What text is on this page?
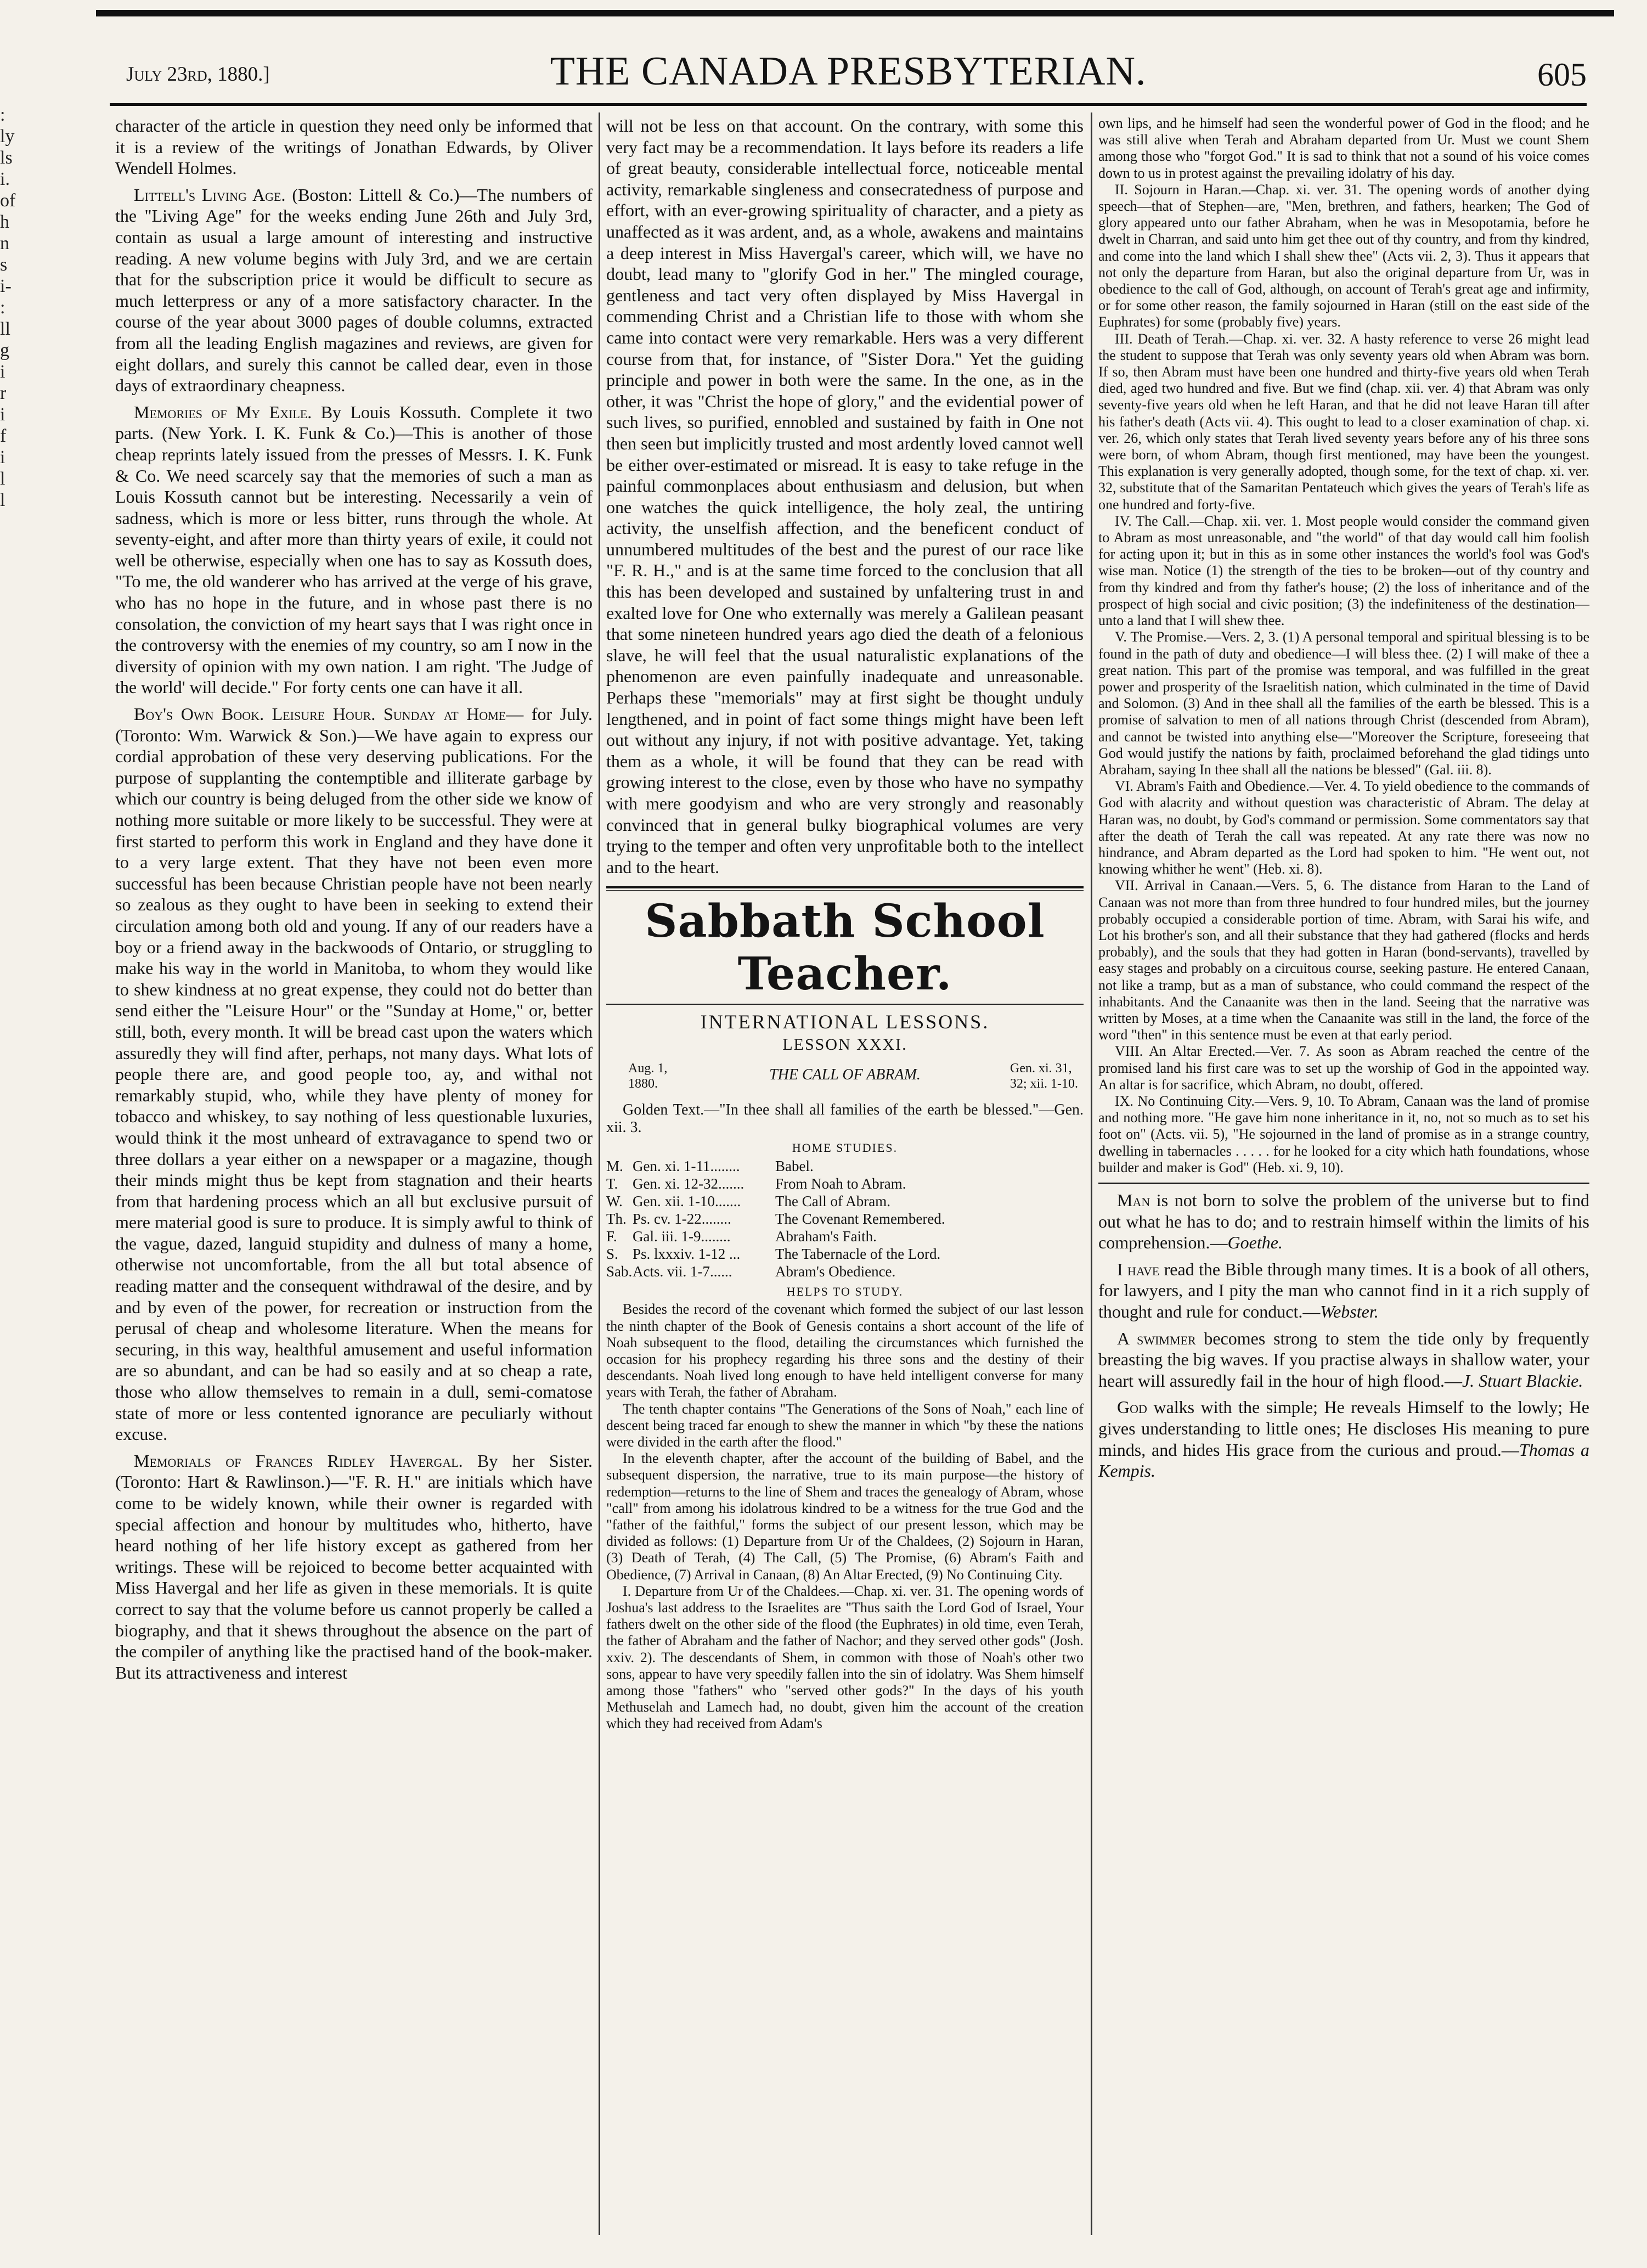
July 23rd, 1880.]	THE CANADA PRESBYTERIAN.	605
:
ly
ls
i.
of
h
n
s
i-
:
ll
g
i
r
i
f
i
l
l

character of the article in question they need only be informed that it is a review of the writings of Jonathan Edwards, by Oliver Wendell Holmes.

Littell's Living Age. (Boston: Littell & Co.)—The numbers of the "Living Age" for the weeks ending June 26th and July 3rd, contain as usual a large amount of interesting and instructive reading. A new volume begins with July 3rd, and we are certain that for the subscription price it would be difficult to secure as much letterpress or any of a more satisfactory character. In the course of the year about 3000 pages of double columns, extracted from all the leading English magazines and reviews, are given for eight dollars, and surely this cannot be called dear, even in those days of extraordinary cheapness.

Memories of My Exile. By Louis Kossuth. Complete it two parts. (New York. I. K. Funk & Co.)—This is another of those cheap reprints lately issued from the presses of Messrs. I. K. Funk & Co. We need scarcely say that the memories of such a man as Louis Kossuth cannot but be interesting. Necessarily a vein of sadness, which is more or less bitter, runs through the whole. At seventy-eight, and after more than thirty years of exile, it could not well be otherwise, especially when one has to say as Kossuth does, "To me, the old wanderer who has arrived at the verge of his grave, who has no hope in the future, and in whose past there is no consolation, the conviction of my heart says that I was right once in the controversy with the enemies of my country, so am I now in the diversity of opinion with my own nation. I am right. 'The Judge of the world' will decide." For forty cents one can have it all.

Boy's Own Book. Leisure Hour. Sunday at Home— for July. (Toronto: Wm. Warwick & Son.)—We have again to express our cordial approbation of these very deserving publications. For the purpose of supplanting the contemptible and illiterate garbage by which our country is being deluged from the other side we know of nothing more suitable or more likely to be successful. They were at first started to perform this work in England and they have done it to a very large extent. That they have not been even more successful has been because Christian people have not been nearly so zealous as they ought to have been in seeking to extend their circulation among both old and young. If any of our readers have a boy or a friend away in the backwoods of Ontario, or struggling to make his way in the world in Manitoba, to whom they would like to shew kindness at no great expense, they could not do better than send either the "Leisure Hour" or the "Sunday at Home," or, better still, both, every month. It will be bread cast upon the waters which assuredly they will find after, perhaps, not many days. What lots of people there are, and good people too, ay, and withal not remarkably stupid, who, while they have plenty of money for tobacco and whiskey, to say nothing of less questionable luxuries, would think it the most unheard of extravagance to spend two or three dollars a year either on a newspaper or a magazine, though their minds might thus be kept from stagnation and their hearts from that hardening process which an all but exclusive pursuit of mere material good is sure to produce. It is simply awful to think of the vague, dazed, languid stupidity and dulness of many a home, otherwise not uncomfortable, from the all but total absence of reading matter and the consequent withdrawal of the desire, and by and by even of the power, for recreation or instruction from the perusal of cheap and wholesome literature. When the means for securing, in this way, healthful amusement and useful information are so abundant, and can be had so easily and at so cheap a rate, those who allow themselves to remain in a dull, semi-comatose state of more or less contented ignorance are peculiarly without excuse.

Memorials of Frances Ridley Havergal. By her Sister. (Toronto: Hart & Rawlinson.)—"F. R. H." are initials which have come to be widely known, while their owner is regarded with special affection and honour by multitudes who, hitherto, have heard nothing of her life history except as gathered from her writings. These will be rejoiced to become better acquainted with Miss Havergal and her life as given in these memorials. It is quite correct to say that the volume before us cannot properly be called a biography, and that it shews throughout the absence on the part of the compiler of anything like the practised hand of the book-maker. But its attractiveness and interest

will not be less on that account. On the contrary, with some this very fact may be a recommendation. It lays before its readers a life of great beauty, considerable intellectual force, noticeable mental activity, remarkable singleness and consecratedness of purpose and effort, with an ever-growing spirituality of character, and a piety as unaffected as it was ardent, and, as a whole, awakens and maintains a deep interest in Miss Havergal's career, which will, we have no doubt, lead many to "glorify God in her." The mingled courage, gentleness and tact very often displayed by Miss Havergal in commending Christ and a Christian life to those with whom she came into contact were very remarkable. Hers was a very different course from that, for instance, of "Sister Dora." Yet the guiding principle and power in both were the same. In the one, as in the other, it was "Christ the hope of glory," and the evidential power of such lives, so purified, ennobled and sustained by faith in One not then seen but implicitly trusted and most ardently loved cannot well be either over-estimated or misread. It is easy to take refuge in the painful commonplaces about enthusiasm and delusion, but when one watches the quick intelligence, the holy zeal, the untiring activity, the unselfish affection, and the beneficent conduct of unnumbered multitudes of the best and the purest of our race like "F. R. H.," and is at the same time forced to the conclusion that all this has been developed and sustained by unfaltering trust in and exalted love for One who externally was merely a Galilean peasant that some nineteen hundred years ago died the death of a felonious slave, he will feel that the usual naturalistic explanations of the phenomenon are even painfully inadequate and unreasonable. Perhaps these "memorials" may at first sight be thought unduly lengthened, and in point of fact some things might have been left out without any injury, if not with positive advantage. Yet, taking them as a whole, it will be found that they can be read with growing interest to the close, even by those who have no sympathy with mere goodyism and who are very strongly and reasonably convinced that in general bulky biographical volumes are very trying to the temper and often very unprofitable both to the intellect and to the heart.

Sabbath School Teacher.
INTERNATIONAL LESSONS.
LESSON XXXI.
Aug. 1,
1880.
THE CALL OF ABRAM.	Gen. xi. 31,
32; xii. 1-10.
Golden Text.—"In thee shall all families of the earth be blessed."—Gen. xii. 3.
HOME STUDIES.
M. Gen. xi. 1-11........	Babel.
T. Gen. xi. 12-32.......	From Noah to Abram.
W. Gen. xii. 1-10.......	The Call of Abram.
Th. Ps. cv. 1-22........	The Covenant Remembered.
F.	Gal. iii. 1-9........	Abraham's Faith.
S. Ps. lxxxiv. 1-12 ...	The Tabernacle of the Lord.
Sab. Acts. vii. 1-7......	Abram's Obedience.
HELPS TO STUDY.

Besides the record of the covenant which formed the subject of our last lesson the ninth chapter of the Book of Genesis contains a short account of the life of Noah subsequent to the flood, detailing the circumstances which furnished the occasion for his prophecy regarding his three sons and the destiny of their descendants. Noah lived long enough to have held intelligent converse for many years with Terah, the father of Abraham.

The tenth chapter contains "The Generations of the Sons of Noah," each line of descent being traced far enough to shew the manner in which "by these the nations were divided in the earth after the flood."

In the eleventh chapter, after the account of the building of Babel, and the subsequent dispersion, the narrative, true to its main purpose—the history of redemption—returns to the line of Shem and traces the genealogy of Abram, whose "call" from among his idolatrous kindred to be a witness for the true God and the "father of the faithful," forms the subject of our present lesson, which may be divided as follows: (1) Departure from Ur of the Chaldees, (2) Sojourn in Haran, (3) Death of Terah, (4) The Call, (5) The Promise, (6) Abram's Faith and Obedience, (7) Arrival in Canaan, (8) An Altar Erected, (9) No Continuing City.

I. Departure from Ur of the Chaldees.—Chap. xi. ver. 31. The opening words of Joshua's last address to the Israelites are "Thus saith the Lord God of Israel, Your fathers dwelt on the other side of the flood (the Euphrates) in old time, even Terah, the father of Abraham and the father of Nachor; and they served other gods" (Josh. xxiv. 2). The descendants of Shem, in common with those of Noah's other two sons, appear to have very speedily fallen into the sin of idolatry. Was Shem himself among those "fathers" who "served other gods?" In the days of his youth Methuselah and Lamech had, no doubt, given him the account of the creation which they had received from Adam's

own lips, and he himself had seen the wonderful power of God in the flood; and he was still alive when Terah and Abraham departed from Ur. Must we count Shem among those who "forgot God." It is sad to think that not a sound of his voice comes down to us in protest against the prevailing idolatry of his day.

II. Sojourn in Haran.—Chap. xi. ver. 31. The opening words of another dying speech—that of Stephen—are, "Men, brethren, and fathers, hearken; The God of glory appeared unto our father Abraham, when he was in Mesopotamia, before he dwelt in Charran, and said unto him get thee out of thy country, and from thy kindred, and come into the land which I shall shew thee" (Acts vii. 2, 3). Thus it appears that not only the departure from Haran, but also the original departure from Ur, was in obedience to the call of God, although, on account of Terah's great age and infirmity, or for some other reason, the family sojourned in Haran (still on the east side of the Euphrates) for some (probably five) years.

III. Death of Terah.—Chap. xi. ver. 32. A hasty reference to verse 26 might lead the student to suppose that Terah was only seventy years old when Abram was born. If so, then Abram must have been one hundred and thirty-five years old when Terah died, aged two hundred and five. But we find (chap. xii. ver. 4) that Abram was only seventy-five years old when he left Haran, and that he did not leave Haran till after his father's death (Acts vii. 4). This ought to lead to a closer examination of chap. xi. ver. 26, which only states that Terah lived seventy years before any of his three sons were born, of whom Abram, though first mentioned, may have been the youngest. This explanation is very generally adopted, though some, for the text of chap. xi. ver. 32, substitute that of the Samaritan Pentateuch which gives the years of Terah's life as one hundred and forty-five.

IV. The Call.—Chap. xii. ver. 1. Most people would consider the command given to Abram as most unreasonable, and "the world" of that day would call him foolish for acting upon it; but in this as in some other instances the world's fool was God's wise man. Notice (1) the strength of the ties to be broken—out of thy country and from thy kindred and from thy father's house; (2) the loss of inheritance and of the prospect of high social and civic position; (3) the indefiniteness of the destination—unto a land that I will shew thee.

V. The Promise.—Vers. 2, 3. (1) A personal temporal and spiritual blessing is to be found in the path of duty and obedience—I will bless thee. (2) I will make of thee a great nation. This part of the promise was temporal, and was fulfilled in the great power and prosperity of the Israelitish nation, which culminated in the time of David and Solomon. (3) And in thee shall all the families of the earth be blessed. This is a promise of salvation to men of all nations through Christ (descended from Abram), and cannot be twisted into anything else—"Moreover the Scripture, foreseeing that God would justify the nations by faith, proclaimed beforehand the glad tidings unto Abraham, saying In thee shall all the nations be blessed" (Gal. iii. 8).

VI. Abram's Faith and Obedience.—Ver. 4. To yield obedience to the commands of God with alacrity and without question was characteristic of Abram. The delay at Haran was, no doubt, by God's command or permission. Some commentators say that after the death of Terah the call was repeated. At any rate there was now no hindrance, and Abram departed as the Lord had spoken to him. "He went out, not knowing whither he went" (Heb. xi. 8).

VII. Arrival in Canaan.—Vers. 5, 6. The distance from Haran to the Land of Canaan was not more than from three hundred to four hundred miles, but the journey probably occupied a considerable portion of time. Abram, with Sarai his wife, and Lot his brother's son, and all their substance that they had gathered (flocks and herds probably), and the souls that they had gotten in Haran (bond-servants), travelled by easy stages and probably on a circuitous course, seeking pasture. He entered Canaan, not like a tramp, but as a man of substance, who could command the respect of the inhabitants. And the Canaanite was then in the land. Seeing that the narrative was written by Moses, at a time when the Canaanite was still in the land, the force of the word "then" in this sentence must be even at that early period.

VIII. An Altar Erected.—Ver. 7. As soon as Abram reached the centre of the promised land his first care was to set up the worship of God in the appointed way. An altar is for sacrifice, which Abram, no doubt, offered.

IX. No Continuing City.—Vers. 9, 10. To Abram, Canaan was the land of promise and nothing more. "He gave him none inheritance in it, no, not so much as to set his foot on" (Acts. vii. 5), "He sojourned in the land of promise as in a strange country, dwelling in tabernacles . . . . . for he looked for a city which hath foundations, whose builder and maker is God" (Heb. xi. 9, 10).

Man is not born to solve the problem of the universe but to find out what he has to do; and to restrain himself within the limits of his comprehension.—Goethe.

I have read the Bible through many times. It is a book of all others, for lawyers, and I pity the man who cannot find in it a rich supply of thought and rule for conduct.—Webster.

A swimmer becomes strong to stem the tide only by frequently breasting the big waves. If you practise always in shallow water, your heart will assuredly fail in the hour of high flood.—J. Stuart Blackie.

God walks with the simple; He reveals Himself to the lowly; He gives understanding to little ones; He discloses His meaning to pure minds, and hides His grace from the curious and proud.—Thomas a Kempis.
